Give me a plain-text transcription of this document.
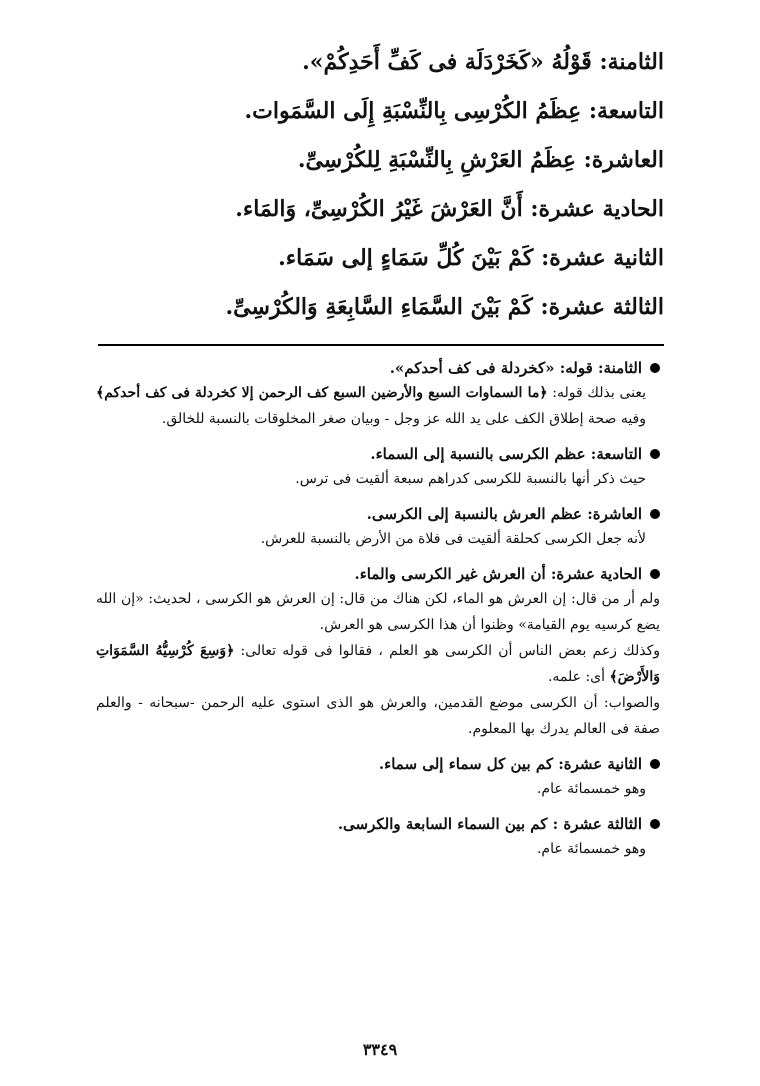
الثامنة: قَوْلُهُ «كَخَرْدَلَة فى كَفِّ أَحَدِكُمْ».
التاسعة: عِظَمُ الكُرْسِى بِالنِّسْبَةِ إِلَى السَّمَوات.
العاشرة: عِظَمُ العَرْشِ بِالنِّسْبَةِ لِلكُرْسِىِّ.
الحادية عشرة: أَنَّ العَرْشَ غَيْرُ الكُرْسِىِّ، وَالمَاء.
الثانية عشرة: كَمْ بَيْنَ كُلِّ سَمَاءٍ إلى سَمَاء.
الثالثة عشرة: كَمْ بَيْنَ السَّمَاءِ السَّابِعَةِ وَالكُرْسِىِّ.
الثامنة: قوله: «كخردلة فى كف أحدكم».
يعنى بذلك قوله: ﴿ما السماوات السبع والأرضين السبع كف الرحمن إلا كخردلة فى كف أحدكم﴾ وفيه صحة إطلاق الكف على يد الله عز وجل - وبيان صغر المخلوقات بالنسبة للخالق.
التاسعة: عظم الكرسى بالنسبة إلى السماء.
حيث ذكر أنها بالنسبة للكرسى كدراهم سبعة ألقيت فى ترس.
العاشرة: عظم العرش بالنسبة إلى الكرسى.
لأنه جعل الكرسى كحلقة ألقيت فى فلاة من الأرض بالنسبة للعرش.
الحادية عشرة: أن العرش غير الكرسى والماء.
ولم أر من قال: إن العرش هو الماء، لكن هناك من قال: إن العرش هو الكرسى ، لحديث: «إن الله يضع كرسيه يوم القيامة» وظنوا أن هذا الكرسى هو العرش.
وكذلك زعم بعض الناس أن الكرسى هو العلم ، فقالوا فى قوله تعالى: ﴿وَسِعَ كُرْسِيُّهُ السَّمَوَاتِ وَالأَرْضَ﴾ أى: علمه.
والصواب: أن الكرسى موضع القدمين، والعرش هو الذى استوى عليه الرحمن -سبحانه - والعلم صفة فى العالم يدرك بها المعلوم.
الثانية عشرة: كم بين كل سماء إلى سماء.
وهو خمسمائة عام.
الثالثة عشرة : كم بين السماء السابعة والكرسى.
وهو خمسمائة عام.
٣٣٤٩
